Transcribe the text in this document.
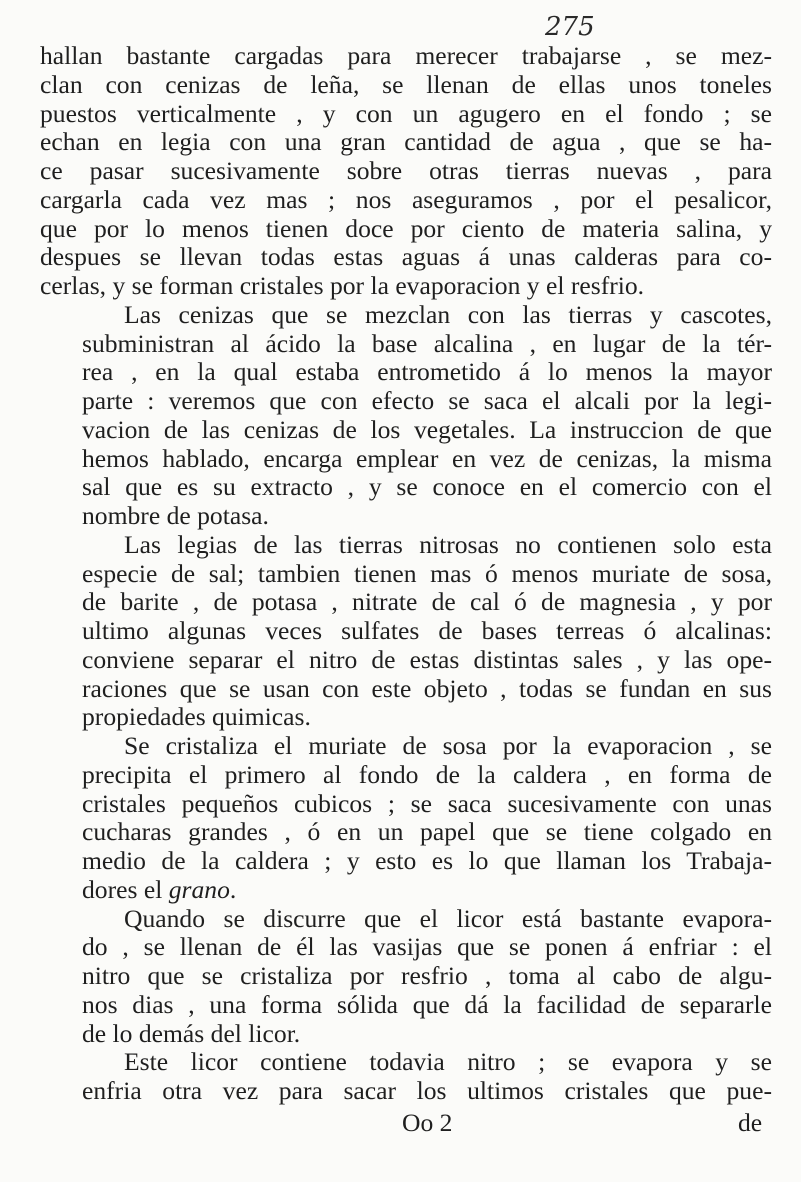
275
hallan bastante cargadas para merecer trabajarse , se mez-
clan con cenizas de leña, se llenan de ellas unos toneles
puestos verticalmente , y con un agugero en el fondo ; se
echan en legia con una gran cantidad de agua , que se ha-
ce pasar sucesivamente sobre otras tierras nuevas , para
cargarla cada vez mas ; nos aseguramos , por el pesalicor,
que por lo menos tienen doce por ciento de materia salina, y
despues se llevan todas estas aguas á unas calderas para co-
cerlas, y se forman cristales por la evaporacion y el resfrio.
Las cenizas que se mezclan con las tierras y cascotes,
subministran al ácido la base alcalina , en lugar de la tér-
rea , en la qual estaba entrometido á lo menos la mayor
parte : veremos que con efecto se saca el alcali por la legi-
vacion de las cenizas de los vegetales. La instruccion de que
hemos hablado, encarga emplear en vez de cenizas, la misma
sal que es su extracto , y se conoce en el comercio con el
nombre de potasa.
Las legias de las tierras nitrosas no contienen solo esta
especie de sal; tambien tienen mas ó menos muriate de sosa,
de barite , de potasa , nitrate de cal ó de magnesia , y por
ultimo algunas veces sulfates de bases terreas ó alcalinas:
conviene separar el nitro de estas distintas sales , y las ope-
raciones que se usan con este objeto , todas se fundan en sus
propiedades quimicas.
Se cristaliza el muriate de sosa por la evaporacion , se
precipita el primero al fondo de la caldera , en forma de
cristales pequeños cubicos ; se saca sucesivamente con unas
cucharas grandes , ó en un papel que se tiene colgado en
medio de la caldera ; y esto es lo que llaman los Trabaja-
dores el grano.
Quando se discurre que el licor está bastante evapora-
do , se llenan de él las vasijas que se ponen á enfriar : el
nitro que se cristaliza por resfrio , toma al cabo de algu-
nos dias , una forma sólida que dá la facilidad de separarle
de lo demás del licor.
Este licor contiene todavia nitro ; se evapora y se
enfria otra vez para sacar los ultimos cristales que pue-
Oo 2	de
